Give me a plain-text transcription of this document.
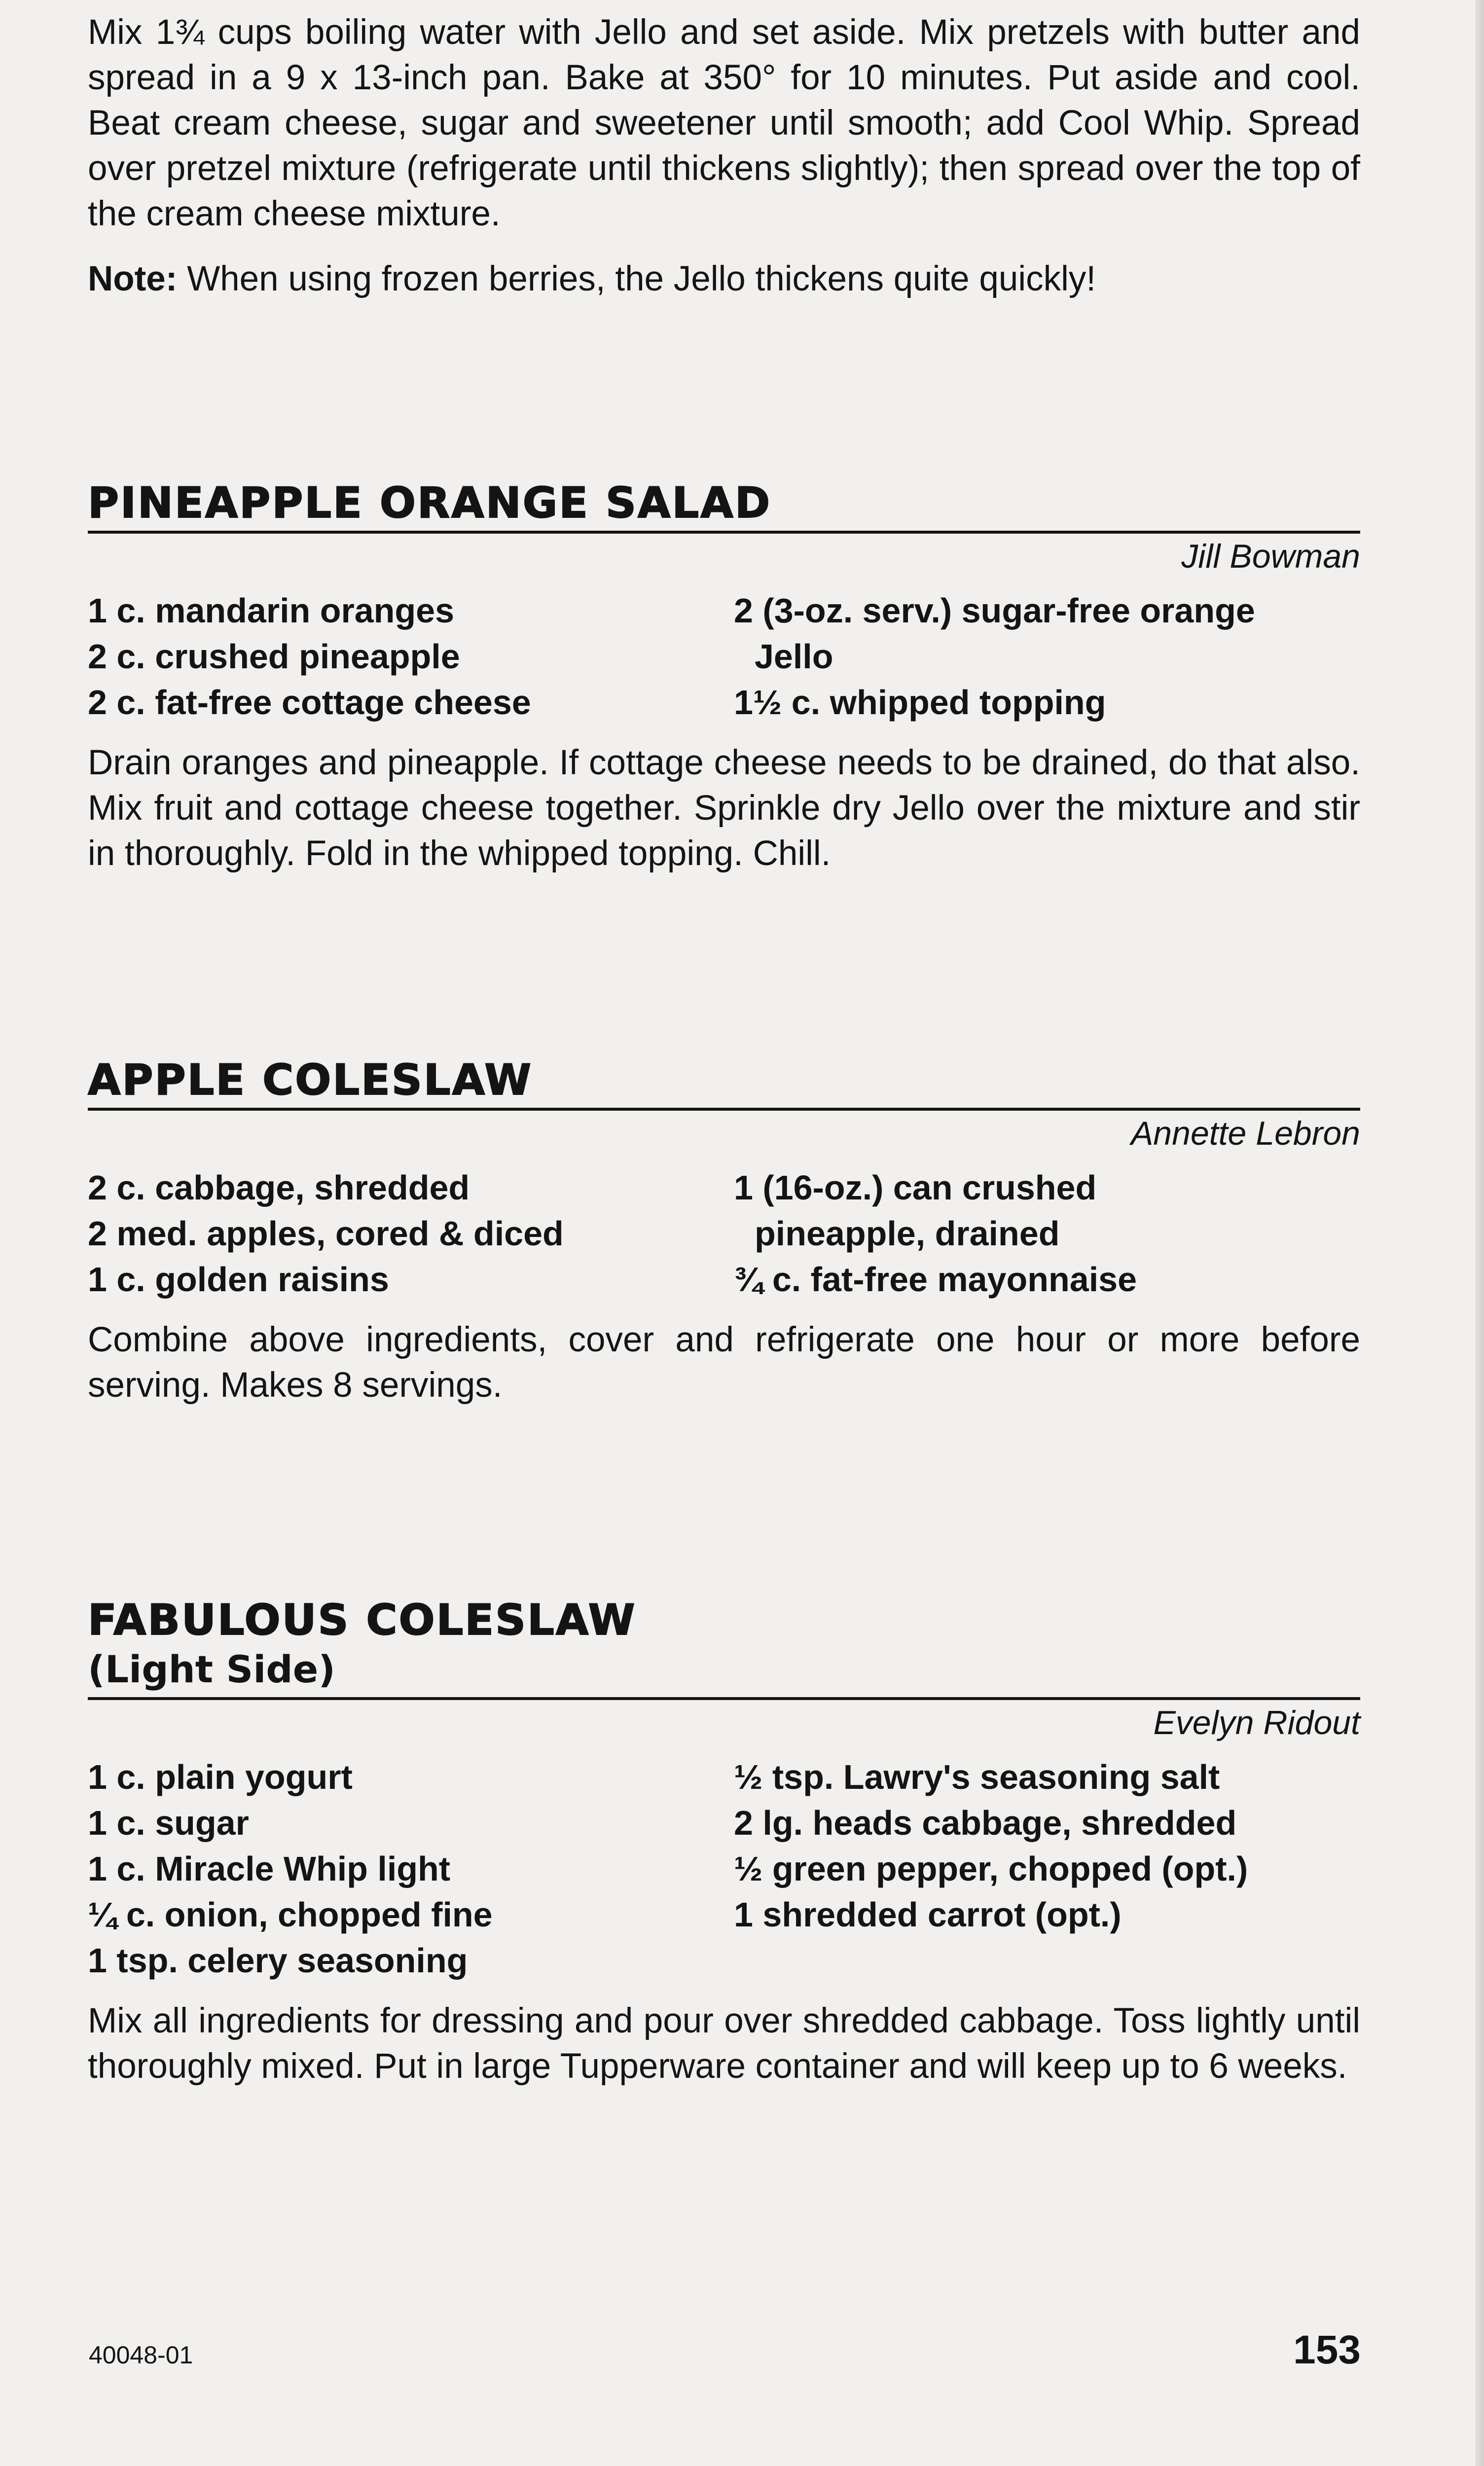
Mix 1¾ cups boiling water with Jello and set aside. Mix pretzels with butter and spread in a 9 x 13-inch pan. Bake at 350° for 10 minutes. Put aside and cool. Beat cream cheese, sugar and sweetener until smooth; add Cool Whip. Spread over pretzel mixture (refrigerate until thickens slightly); then spread over the top of the cream cheese mixture.

Note: When using frozen berries, the Jello thickens quite quickly!

PINEAPPLE ORANGE SALAD

Jill Bowman

1 c. mandarin oranges
2 c. crushed pineapple
2 c. fat-free cottage cheese
2 (3-oz. serv.) sugar-free orange
Jello
1½ c. whipped topping

Drain oranges and pineapple. If cottage cheese needs to be drained, do that also. Mix fruit and cottage cheese together. Sprinkle dry Jello over the mixture and stir in thoroughly. Fold in the whipped topping. Chill.

APPLE COLESLAW

Annette Lebron

2 c. cabbage, shredded
2 med. apples, cored & diced
1 c. golden raisins
1 (16-oz.) can crushed
pineapple, drained
¾ c. fat-free mayonnaise

Combine above ingredients, cover and refrigerate one hour or more before serving. Makes 8 servings.

FABULOUS COLESLAW

(Light Side)

Evelyn Ridout

1 c. plain yogurt
1 c. sugar
1 c. Miracle Whip light
¼ c. onion, chopped fine
1 tsp. celery seasoning
½ tsp. Lawry's seasoning salt
2 lg. heads cabbage, shredded
½ green pepper, chopped (opt.)
1 shredded carrot (opt.)

Mix all ingredients for dressing and pour over shredded cabbage. Toss lightly until thoroughly mixed. Put in large Tupperware container and will keep up to 6 weeks.

40048-01	153
